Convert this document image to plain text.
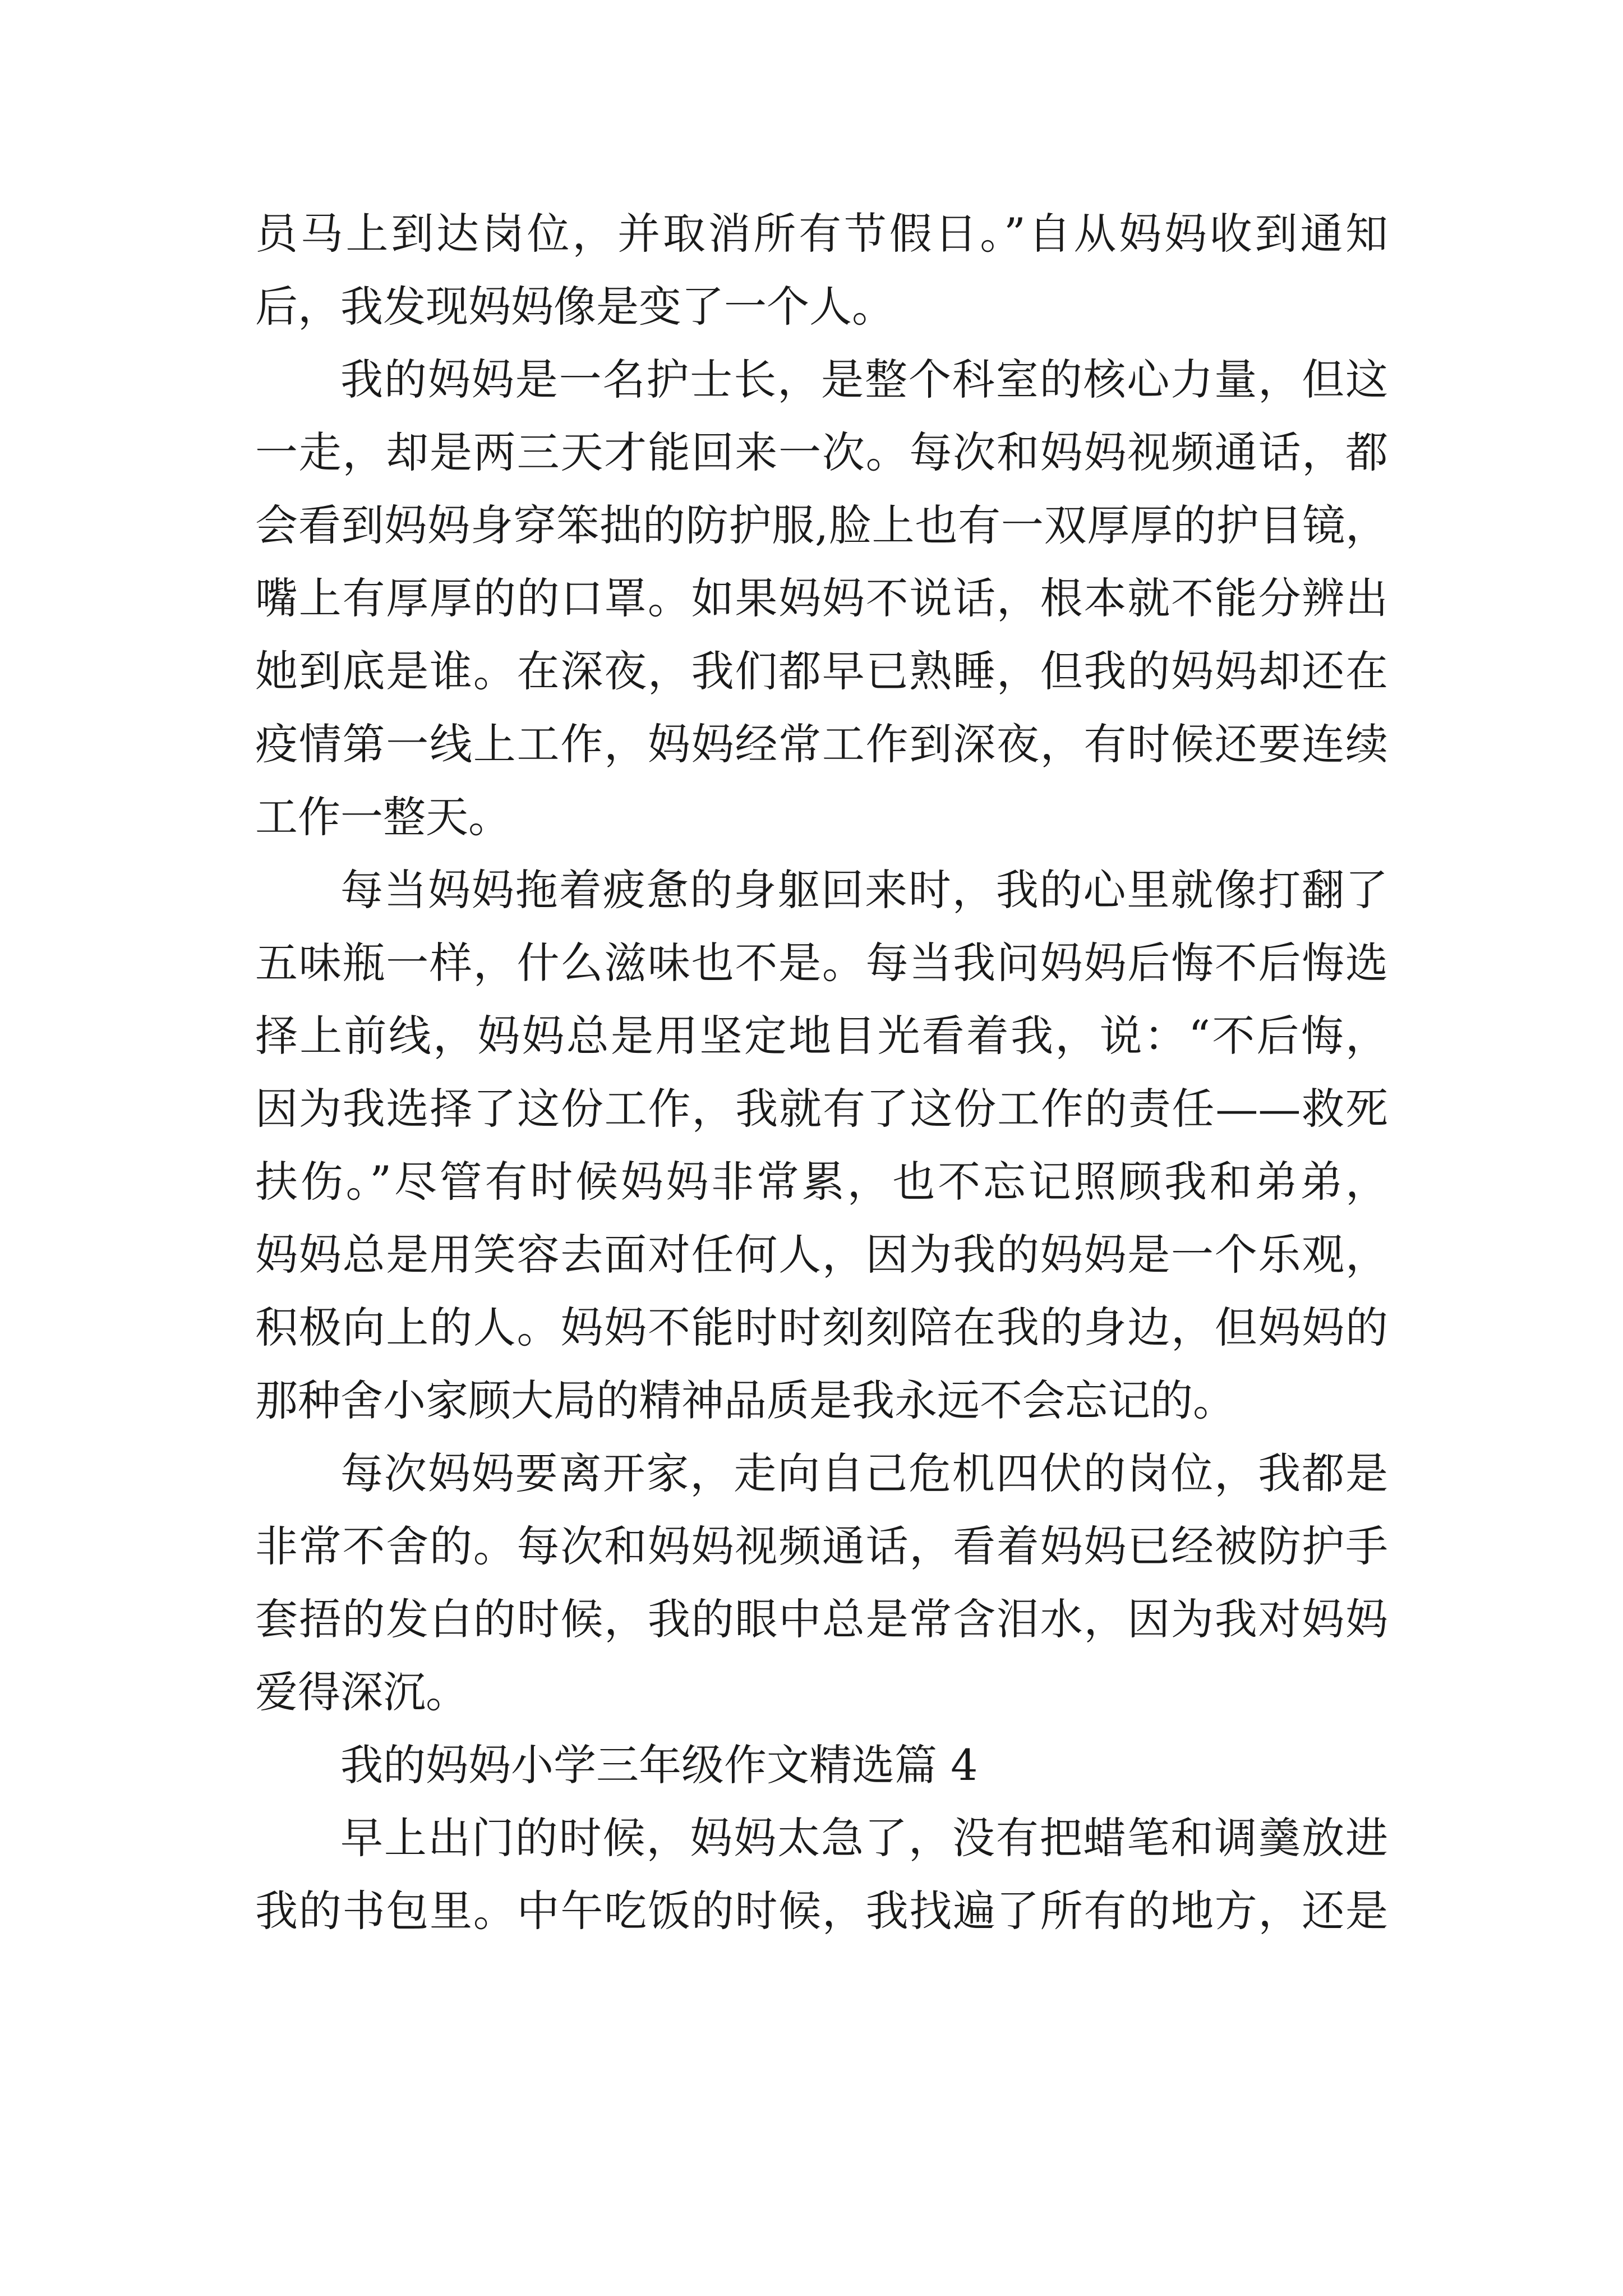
员马上到达岗位，并取消所有节假日。”自从妈妈收到通知

后，我发现妈妈像是变了一个人。

我的妈妈是一名护士长，是整个科室的核心力量，但这

一走，却是两三天才能回来一次。每次和妈妈视频通话，都

会看到妈妈身穿笨拙的防护服,脸上也有一双厚厚的护目镜，

嘴上有厚厚的的口罩。如果妈妈不说话，根本就不能分辨出

她到底是谁。在深夜，我们都早已熟睡，但我的妈妈却还在

疫情第一线上工作，妈妈经常工作到深夜，有时候还要连续

工作一整天。

每当妈妈拖着疲惫的身躯回来时，我的心里就像打翻了

五味瓶一样，什么滋味也不是。每当我问妈妈后悔不后悔选

择上前线，妈妈总是用坚定地目光看着我，说：“不后悔，

因为我选择了这份工作，我就有了这份工作的责任——救死

扶伤。”尽管有时候妈妈非常累，也不忘记照顾我和弟弟，

妈妈总是用笑容去面对任何人，因为我的妈妈是一个乐观，

积极向上的人。妈妈不能时时刻刻陪在我的身边，但妈妈的

那种舍小家顾大局的精神品质是我永远不会忘记的。

每次妈妈要离开家，走向自己危机四伏的岗位，我都是

非常不舍的。每次和妈妈视频通话，看着妈妈已经被防护手

套捂的发白的时候，我的眼中总是常含泪水，因为我对妈妈

爱得深沉。

我的妈妈小学三年级作文精选篇 4

早上出门的时候，妈妈太急了，没有把蜡笔和调羹放进

我的书包里。中午吃饭的时候，我找遍了所有的地方，还是
